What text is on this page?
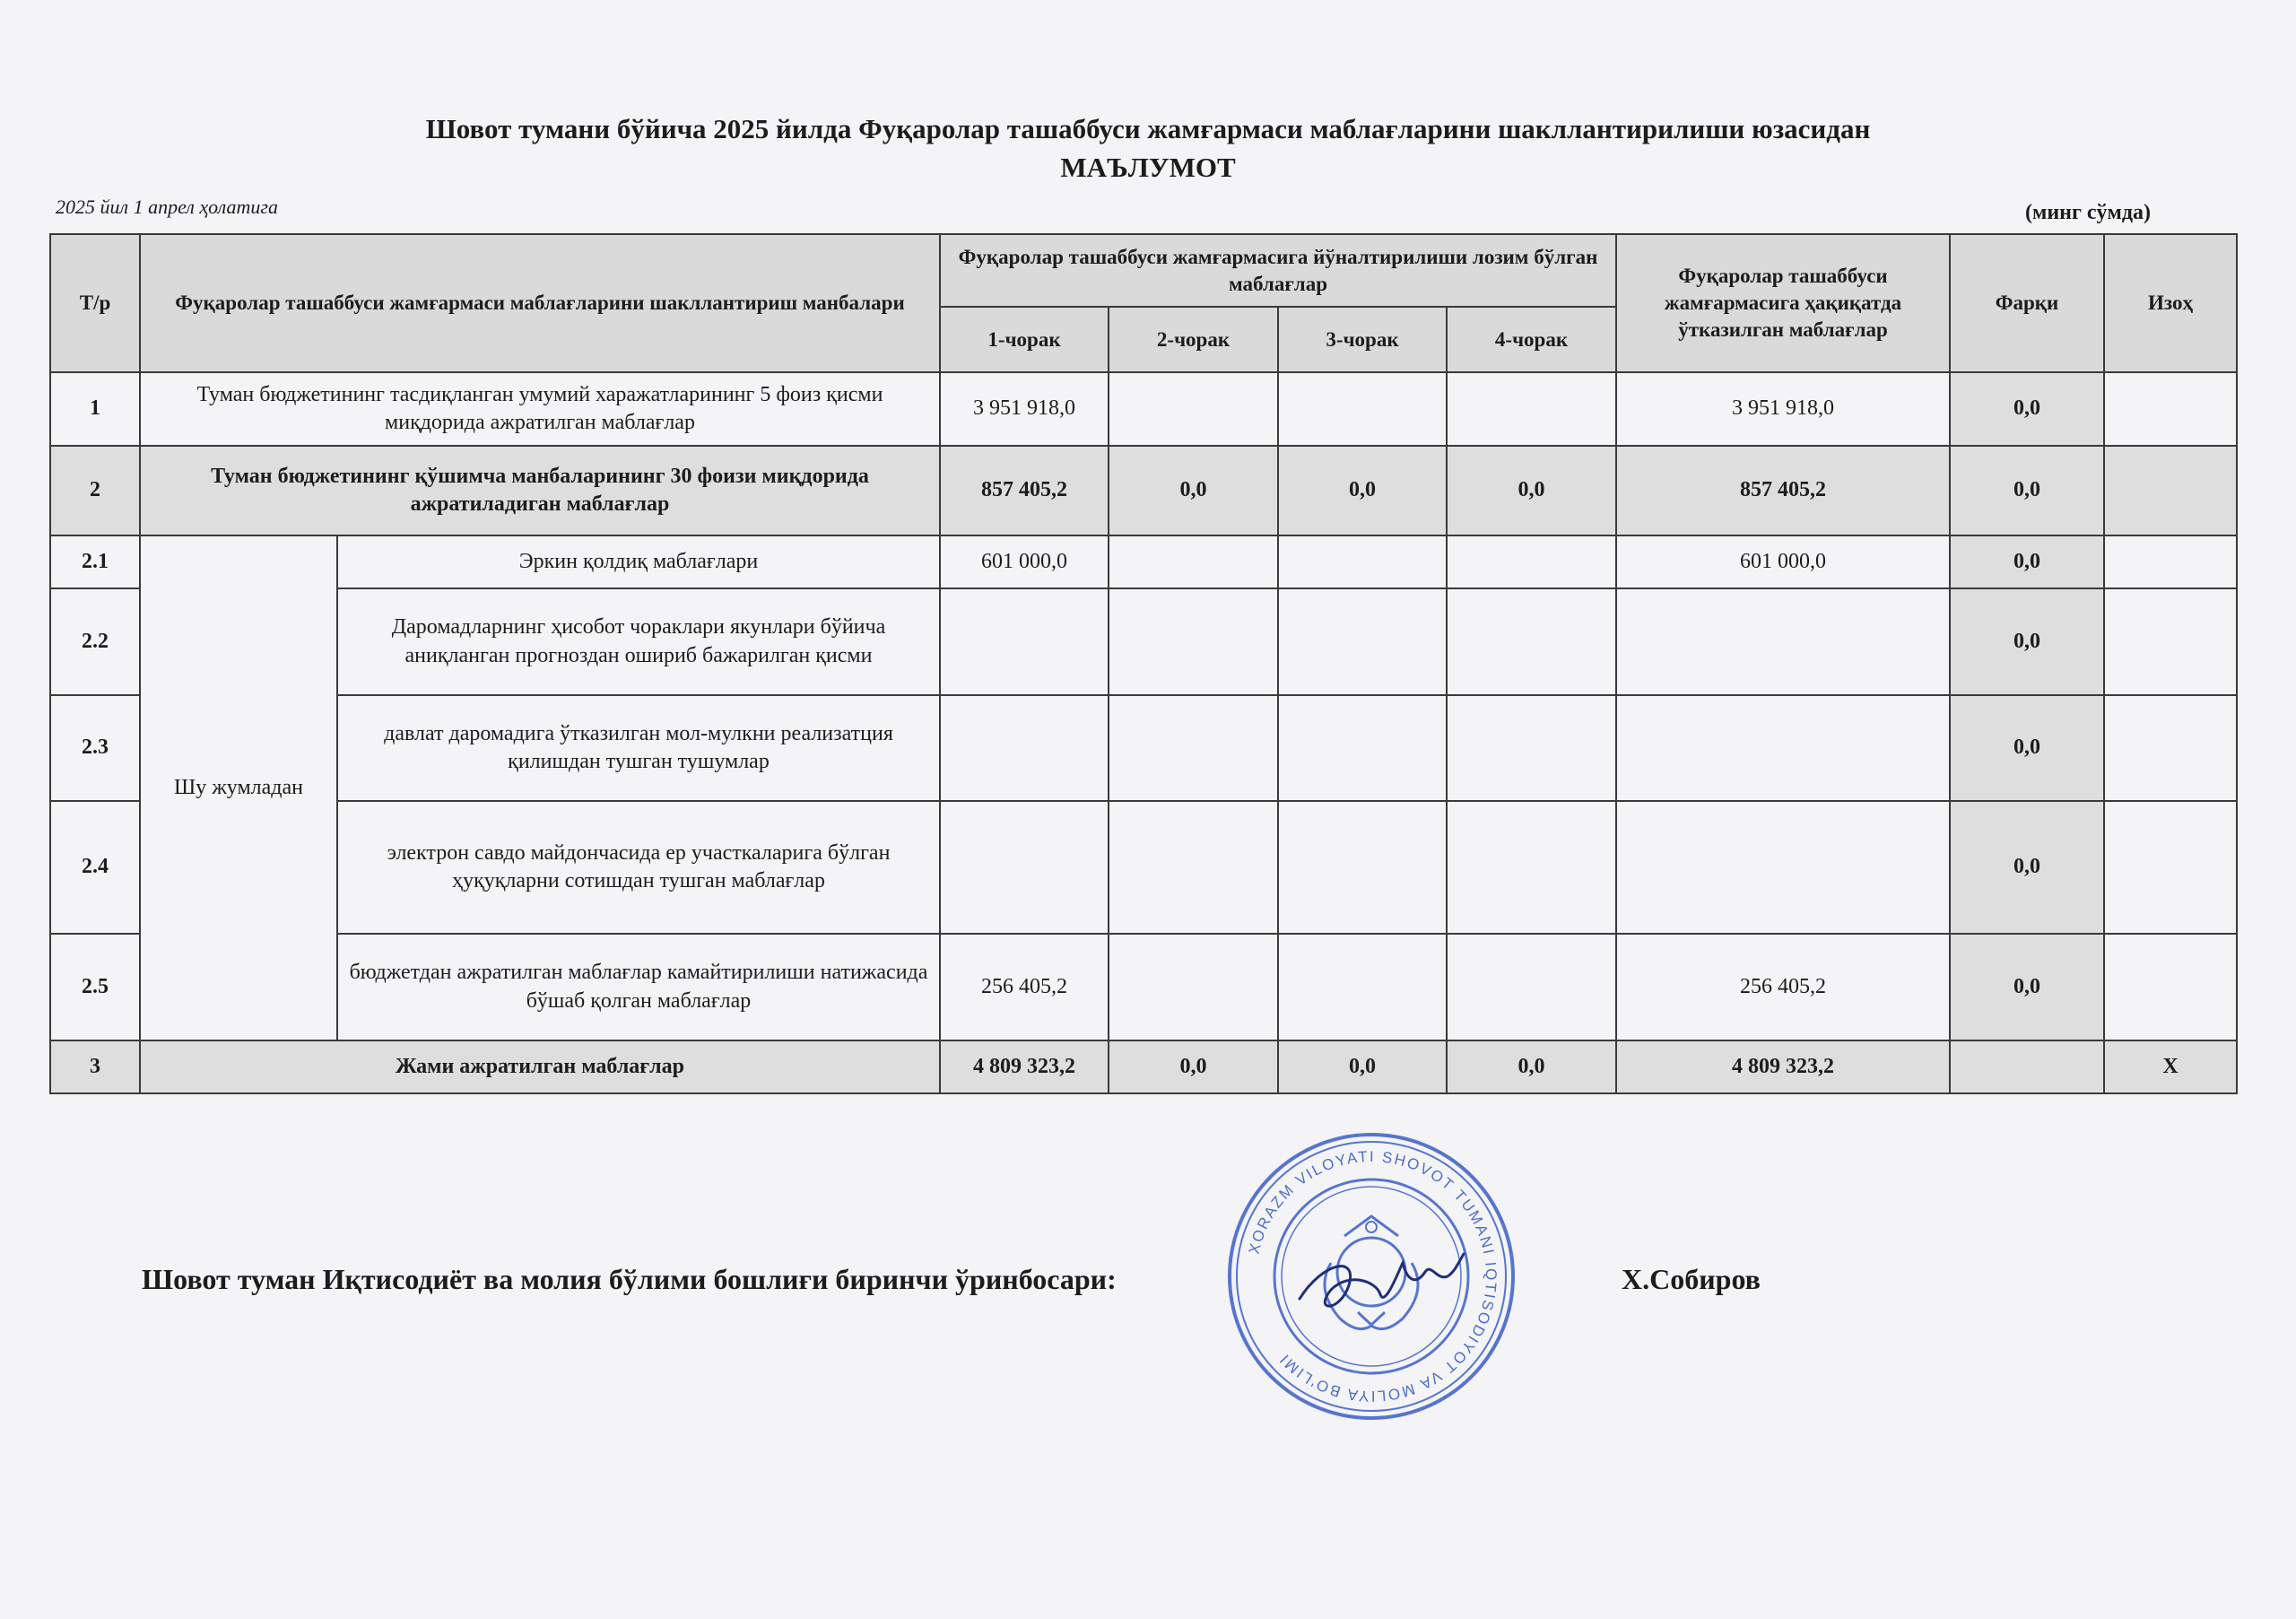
Шовот тумани бўйича 2025 йилда Фуқаролар ташаббуси жамғармаси маблағларини шакллантирилиши юзасидан
МАЪЛУМОТ
2025 йил 1 апрел ҳолатига	(минг сўмда)
Т/р	Фуқаролар ташаббуси жамғармаси маблағларини шакллантириш манбалари		Фуқаролар ташаббуси жамғармасига йўналтирилиши лозим бўлган маблағлар				Фуқаролар ташаббуси жамғармасига ҳақиқатда ўтказилган маблағлар	Фарқи	Изоҳ
			1-чорак	2-чорак	3-чорак	4-чорак			
1	Туман бюджетининг тасдиқланган умумий харажатларининг 5 фоиз қисми миқдорида ажратилган маблағлар		3 951 918,0				3 951 918,0	0,0	
2	Туман бюджетининг қўшимча манбаларининг 30 фоизи миқдорида ажратиладиган маблағлар		857 405,2	0,0	0,0	0,0	857 405,2	0,0	
2.1	Шу жумладан	Эркин қолдиқ маблағлари	601 000,0				601 000,0	0,0	
2.2		Даромадларнинг ҳисобот чораклари якунлари бўйича аниқланган прогноздан ошириб бажарилган қисми						0,0	
2.3		давлат даромадига ўтказилган мол-мулкни реализатция қилишдан тушган тушумлар						0,0	
2.4		электрон савдо майдончасида ер участкаларига бўлган ҳуқуқларни сотишдан тушган маблағлар						0,0	
2.5		бюджетдан ажратилган маблағлар камайтирилиши натижасида бўшаб қолган маблағлар	256 405,2				256 405,2	0,0	
3	Жами ажратилган маблағлар		4 809 323,2	0,0	0,0	0,0	4 809 323,2		X
Шовот туман Иқтисодиёт ва молия бўлими бошлиғи биринчи ўринбосари:	Х.Собиров
XORAZM VILOYATI SHOVOT TUMANI IQTISODIYOT VA MOLIYA BO'LIMI
